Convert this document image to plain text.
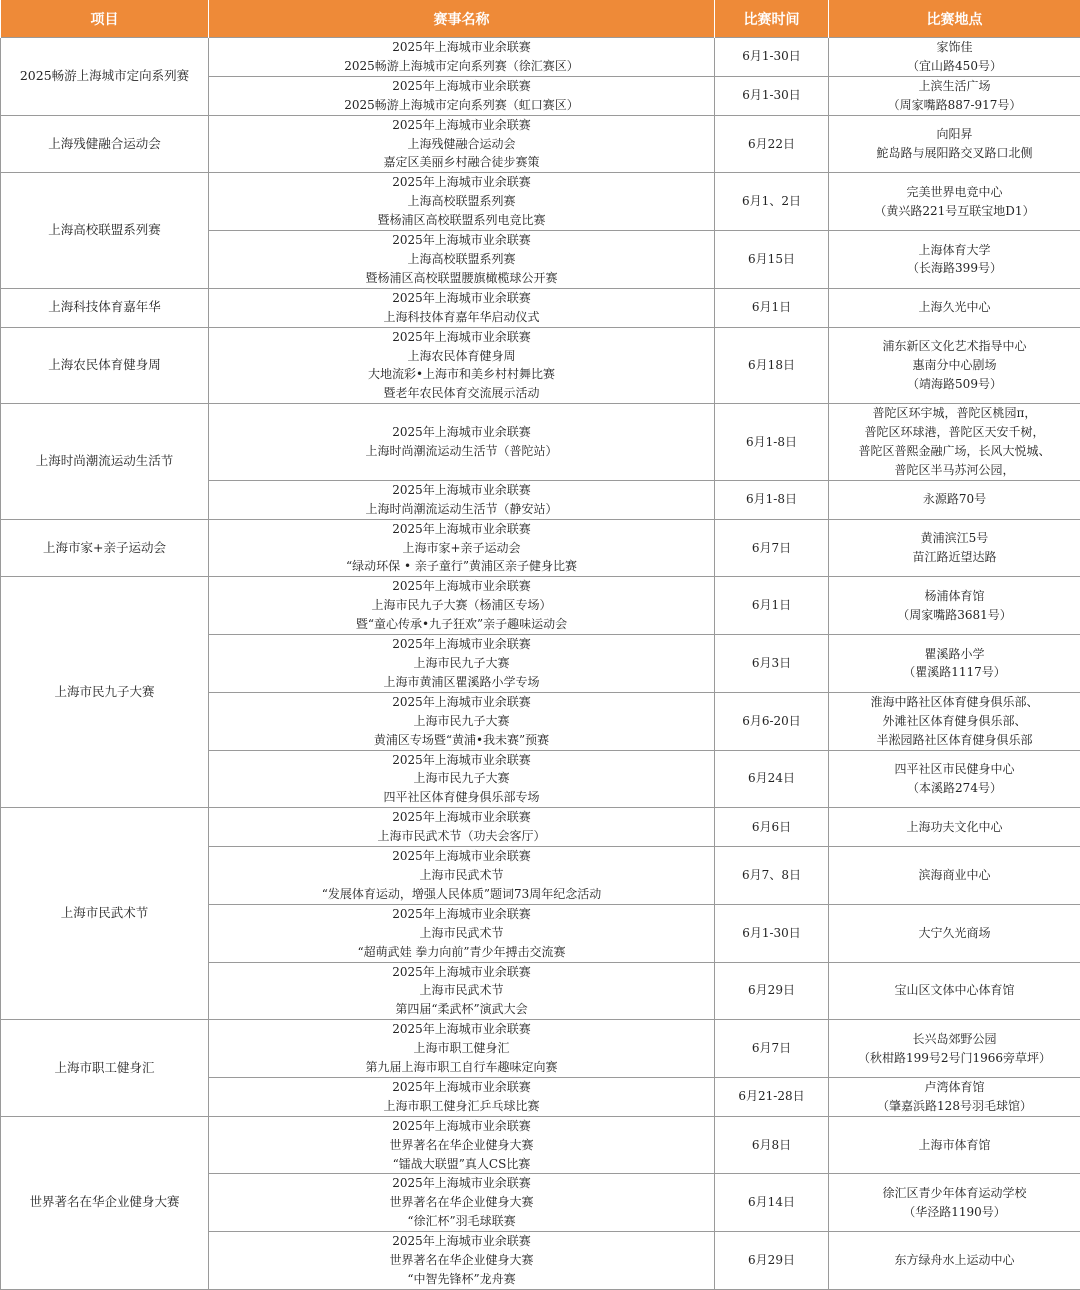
项目	赛事名称	比赛时间	比赛地点
2025畅游上海城市定向系列赛	2025年上海城市业余联赛
2025畅游上海城市定向系列赛（徐汇赛区）	6月1-30日	家饰佳
（宜山路450号）
	2025年上海城市业余联赛
2025畅游上海城市定向系列赛（虹口赛区）	6月1-30日	上滨生活广场
（周家嘴路887-917号）
上海残健融合运动会	2025年上海城市业余联赛
上海残健融合运动会
嘉定区美丽乡村融合徒步赛策	6月22日	向阳昇
鮀岛路与展阳路交叉路口北侧
上海高校联盟系列赛	2025年上海城市业余联赛
上海高校联盟系列赛
暨杨浦区高校联盟系列电竞比赛	6月1、2日	完美世界电竞中心
（黄兴路221号互联宝地D1）
	2025年上海城市业余联赛
上海高校联盟系列赛
暨杨浦区高校联盟腰旗橄榄球公开赛	6月15日	上海体育大学
（长海路399号）
上海科技体育嘉年华	2025年上海城市业余联赛
上海科技体育嘉年华启动仪式	6月1日	上海久光中心
上海农民体育健身周	2025年上海城市业余联赛
上海农民体育健身周
大地流彩•上海市和美乡村村舞比赛
暨老年农民体育交流展示活动	6月18日	浦东新区文化艺术指导中心
惠南分中心剧场
（靖海路509号）
上海时尚潮流运动生活节	2025年上海城市业余联赛
上海时尚潮流运动生活节（普陀站）	6月1-8日	普陀区环宇城，普陀区桃园π，
普陀区环球港，普陀区天安千树，
普陀区普熙金融广场，长风大悦城、
普陀区半马苏河公园，
	2025年上海城市业余联赛
上海时尚潮流运动生活节（静安站）	6月1-8日	永源路70号
上海市家+亲子运动会	2025年上海城市业余联赛
上海市家+亲子运动会
“绿动环保 • 亲子童行”黄浦区亲子健身比赛	6月7日	黄浦滨江5号
苗江路近望达路
上海市民九子大赛	2025年上海城市业余联赛
上海市民九子大赛（杨浦区专场）
暨“童心传承•九子狂欢”亲子趣味运动会	6月1日	杨浦体育馆
（周家嘴路3681号）
	2025年上海城市业余联赛
上海市民九子大赛
上海市黄浦区瞿溪路小学专场	6月3日	瞿溪路小学
（瞿溪路1117号）
	2025年上海城市业余联赛
上海市民九子大赛
黄浦区专场暨“黄浦•我未赛”预赛	6月6-20日	淮海中路社区体育健身俱乐部、
外滩社区体育健身俱乐部、
半淞园路社区体育健身俱乐部
	2025年上海城市业余联赛
上海市民九子大赛
四平社区体育健身俱乐部专场	6月24日	四平社区市民健身中心
（本溪路274号）
上海市民武术节	2025年上海城市业余联赛
上海市民武术节（功夫会客厅）	6月6日	上海功夫文化中心
	2025年上海城市业余联赛
上海市民武术节
“发展体育运动，增强人民体质”题词73周年纪念活动	6月7、8日	滨海商业中心
	2025年上海城市业余联赛
上海市民武术节
“超萌武娃 拳力向前”青少年搏击交流赛	6月1-30日	大宁久光商场
	2025年上海城市业余联赛
上海市民武术节
第四届“柔武杯”演武大会	6月29日	宝山区文体中心体育馆
上海市职工健身汇	2025年上海城市业余联赛
上海市职工健身汇
第九届上海市职工自行车趣味定向赛	6月7日	长兴岛郊野公园
（秋柑路199号2号门1966旁草坪）
	2025年上海城市业余联赛
上海市职工健身汇乒乓球比赛	6月21-28日	卢湾体育馆
（肇嘉浜路128号羽毛球馆）
世界著名在华企业健身大赛	2025年上海城市业余联赛
世界著名在华企业健身大赛
“镭战大联盟”真人CS比赛	6月8日	上海市体育馆
	2025年上海城市业余联赛
世界著名在华企业健身大赛
“徐汇杯”羽毛球联赛	6月14日	徐汇区青少年体育运动学校
（华泾路1190号）
	2025年上海城市业余联赛
世界著名在华企业健身大赛
“中智先锋杯”龙舟赛	6月29日	东方绿舟水上运动中心
